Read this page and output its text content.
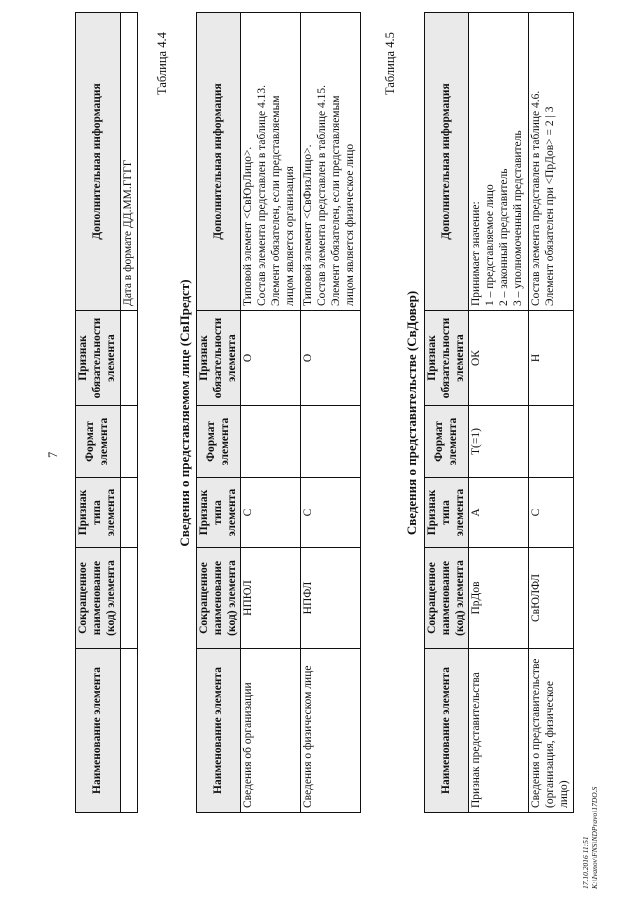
7
Наименование элемента	Сокращенное наименование (код) элемента	Признак типа элемента	Формат элемента	Признак обязательности элемента	Дополнительная информация
					Дата в формате ДД.ММ.ГГГГ
Таблица 4.4
Сведения о представляемом лице (СвПредст)
Наименование элемента	Сокращенное наименование (код) элемента	Признак типа элемента	Формат элемента	Признак обязательности элемента	Дополнительная информация
Сведения об организации	НПЮЛ	С		О	Типовой элемент <СвЮрЛицо>. Состав элемента представлен в таблице 4.13. Элемент обязателен, если представляемым лицом является организация

Сведения о физическом лице	НПФЛ	С		О	Типовой элемент <СвФизЛицо>. Состав элемента представлен в таблице 4.15. Элемент обязателен, если представляемым лицом является физическое лицо
Таблица 4.5
Сведения о представительстве (СвДовер)
Наименование элемента	Сокращенное наименование (код) элемента	Признак типа элемента	Формат элемента	Признак обязательности элемента	Дополнительная информация
Признак представительства	ПрДов	А	T(=1)	ОК	Принимает значение: 1 – представляемое лицо 2 – законный представитель 3 – уполномоченный представитель

Сведения о представительстве (организация, физическое лицо)	СвЮЛФЛ	С		Н	Состав элемента представлен в таблице 4.6. Элемент обязателен при <ПрДов> = 2 | 3
17.10.2016 11:51 K:\Ivanov\FNS\NDPravo\17DO.S
